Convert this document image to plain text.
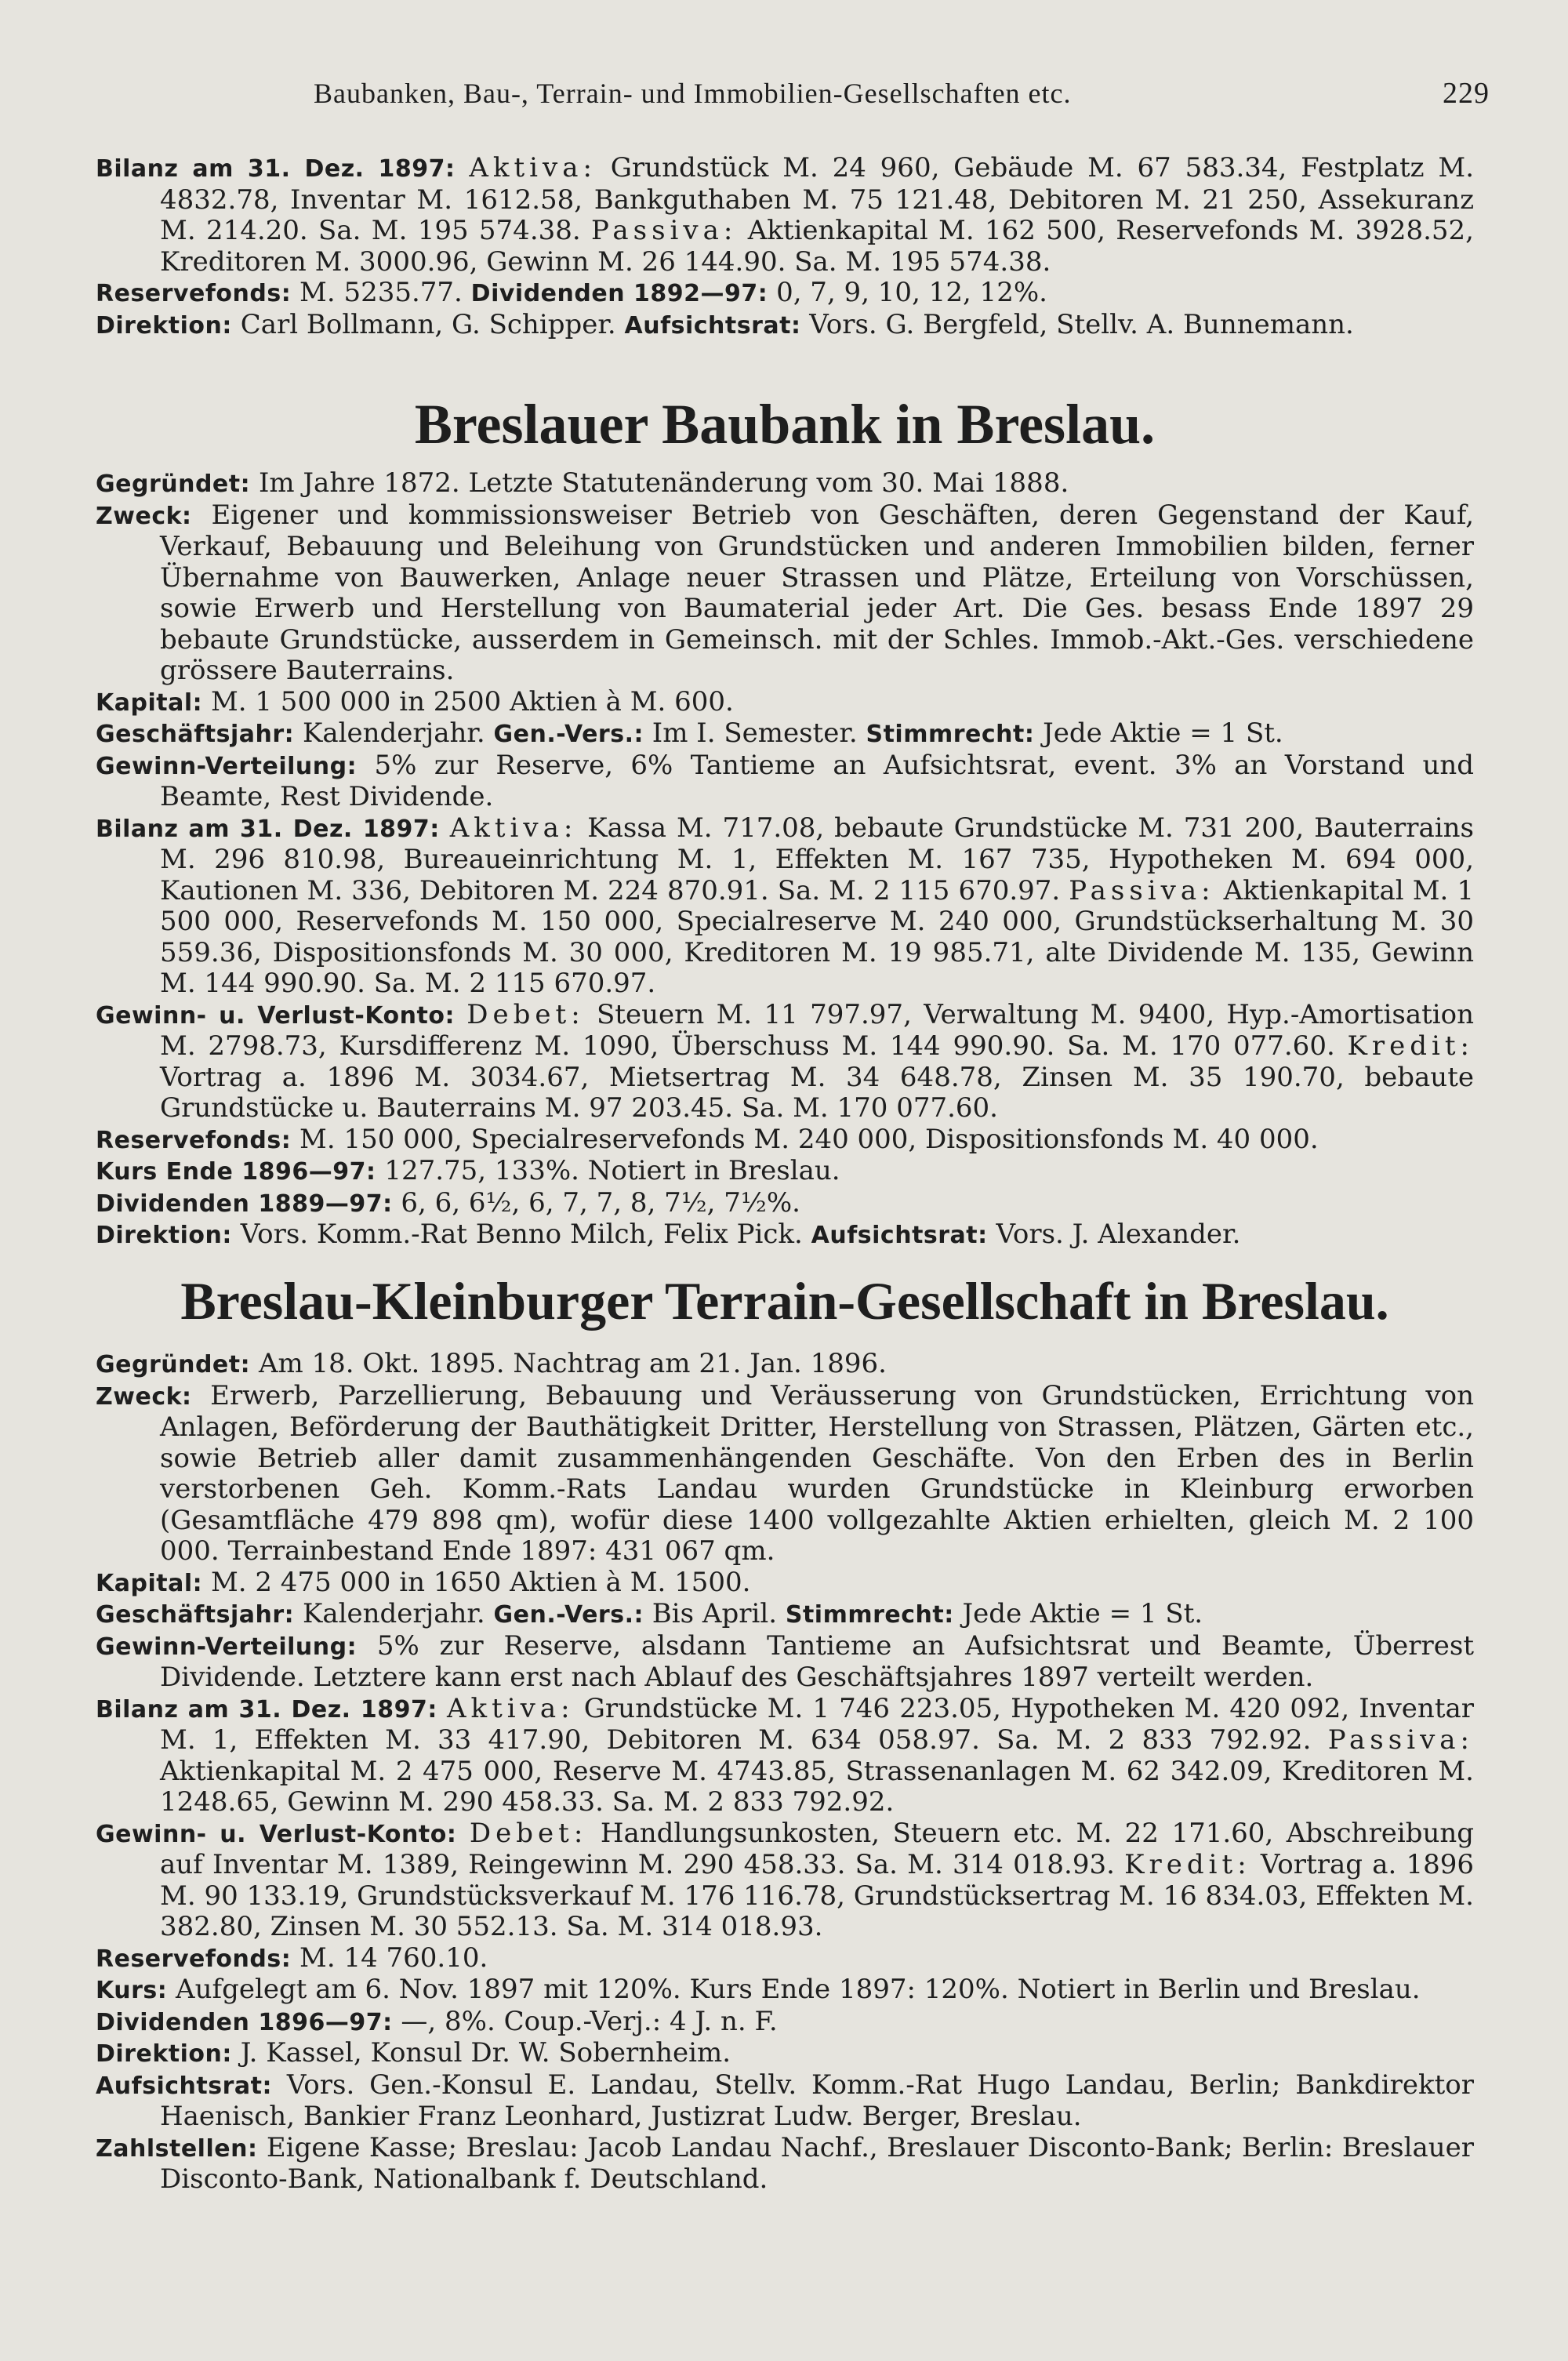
Baubanken, Bau-, Terrain- und Immobilien-Gesellschaften etc.	229

Bilanz am 31. Dez. 1897: Aktiva: Grundstück M. 24 960, Gebäude M. 67 583.34, Festplatz M. 4832.78, Inventar M. 1612.58, Bankguthaben M. 75 121.48, Debitoren M. 21 250, Assekuranz M. 214.20. Sa. M. 195 574.38. Passiva: Aktienkapital M. 162 500, Reservefonds M. 3928.52, Kreditoren M. 3000.96, Gewinn M. 26 144.90. Sa. M. 195 574.38.

Reservefonds: M. 5235.77. Dividenden 1892—97: 0, 7, 9, 10, 12, 12%.

Direktion: Carl Bollmann, G. Schipper. Aufsichtsrat: Vors. G. Bergfeld, Stellv. A. Bunnemann.

Breslauer Baubank in Breslau.

Gegründet: Im Jahre 1872. Letzte Statutenänderung vom 30. Mai 1888.

Zweck: Eigener und kommissionsweiser Betrieb von Geschäften, deren Gegenstand der Kauf, Verkauf, Bebauung und Beleihung von Grundstücken und anderen Immobilien bilden, ferner Übernahme von Bauwerken, Anlage neuer Strassen und Plätze, Erteilung von Vorschüssen, sowie Erwerb und Herstellung von Baumaterial jeder Art. Die Ges. besass Ende 1897 29 bebaute Grundstücke, ausserdem in Gemeinsch. mit der Schles. Immob.-Akt.-Ges. verschiedene grössere Bauterrains.

Kapital: M. 1 500 000 in 2500 Aktien à M. 600.

Geschäftsjahr: Kalenderjahr. Gen.-Vers.: Im I. Semester. Stimmrecht: Jede Aktie = 1 St.

Gewinn-Verteilung: 5% zur Reserve, 6% Tantieme an Aufsichtsrat, event. 3% an Vorstand und Beamte, Rest Dividende.

Bilanz am 31. Dez. 1897: Aktiva: Kassa M. 717.08, bebaute Grundstücke M. 731 200, Bauterrains M. 296 810.98, Bureaueinrichtung M. 1, Effekten M. 167 735, Hypotheken M. 694 000, Kautionen M. 336, Debitoren M. 224 870.91. Sa. M. 2 115 670.97. Passiva: Aktienkapital M. 1 500 000, Reservefonds M. 150 000, Specialreserve M. 240 000, Grundstückserhaltung M. 30 559.36, Dispositionsfonds M. 30 000, Kreditoren M. 19 985.71, alte Dividende M. 135, Gewinn M. 144 990.90. Sa. M. 2 115 670.97.

Gewinn- u. Verlust-Konto: Debet: Steuern M. 11 797.97, Verwaltung M. 9400, Hyp.-Amortisation M. 2798.73, Kursdifferenz M. 1090, Überschuss M. 144 990.90. Sa. M. 170 077.60. Kredit: Vortrag a. 1896 M. 3034.67, Mietsertrag M. 34 648.78, Zinsen M. 35 190.70, bebaute Grundstücke u. Bauterrains M. 97 203.45. Sa. M. 170 077.60.

Reservefonds: M. 150 000, Specialreservefonds M. 240 000, Dispositionsfonds M. 40 000.

Kurs Ende 1896—97: 127.75, 133%. Notiert in Breslau.

Dividenden 1889—97: 6, 6, 6½, 6, 7, 7, 8, 7½, 7½%.

Direktion: Vors. Komm.-Rat Benno Milch, Felix Pick. Aufsichtsrat: Vors. J. Alexander.

Breslau-Kleinburger Terrain-Gesellschaft in Breslau.

Gegründet: Am 18. Okt. 1895. Nachtrag am 21. Jan. 1896.

Zweck: Erwerb, Parzellierung, Bebauung und Veräusserung von Grundstücken, Errichtung von Anlagen, Beförderung der Bauthätigkeit Dritter, Herstellung von Strassen, Plätzen, Gärten etc., sowie Betrieb aller damit zusammenhängenden Geschäfte. Von den Erben des in Berlin verstorbenen Geh. Komm.-Rats Landau wurden Grundstücke in Kleinburg erworben (Gesamtfläche 479 898 qm), wofür diese 1400 vollgezahlte Aktien erhielten, gleich M. 2 100 000. Terrainbestand Ende 1897: 431 067 qm.

Kapital: M. 2 475 000 in 1650 Aktien à M. 1500.

Geschäftsjahr: Kalenderjahr. Gen.-Vers.: Bis April. Stimmrecht: Jede Aktie = 1 St.

Gewinn-Verteilung: 5% zur Reserve, alsdann Tantieme an Aufsichtsrat und Beamte, Überrest Dividende. Letztere kann erst nach Ablauf des Geschäftsjahres 1897 verteilt werden.

Bilanz am 31. Dez. 1897: Aktiva: Grundstücke M. 1 746 223.05, Hypotheken M. 420 092, Inventar M. 1, Effekten M. 33 417.90, Debitoren M. 634 058.97. Sa. M. 2 833 792.92. Passiva: Aktienkapital M. 2 475 000, Reserve M. 4743.85, Strassenanlagen M. 62 342.09, Kreditoren M. 1248.65, Gewinn M. 290 458.33. Sa. M. 2 833 792.92.

Gewinn- u. Verlust-Konto: Debet: Handlungsunkosten, Steuern etc. M. 22 171.60, Abschreibung auf Inventar M. 1389, Reingewinn M. 290 458.33. Sa. M. 314 018.93. Kredit: Vortrag a. 1896 M. 90 133.19, Grundstücksverkauf M. 176 116.78, Grundstücksertrag M. 16 834.03, Effekten M. 382.80, Zinsen M. 30 552.13. Sa. M. 314 018.93.

Reservefonds: M. 14 760.10.

Kurs: Aufgelegt am 6. Nov. 1897 mit 120%. Kurs Ende 1897: 120%. Notiert in Berlin und Breslau.

Dividenden 1896—97: —, 8%. Coup.-Verj.: 4 J. n. F.

Direktion: J. Kassel, Konsul Dr. W. Sobernheim.

Aufsichtsrat: Vors. Gen.-Konsul E. Landau, Stellv. Komm.-Rat Hugo Landau, Berlin; Bankdirektor Haenisch, Bankier Franz Leonhard, Justizrat Ludw. Berger, Breslau.

Zahlstellen: Eigene Kasse; Breslau: Jacob Landau Nachf., Breslauer Disconto-Bank; Berlin: Breslauer Disconto-Bank, Nationalbank f. Deutschland.
